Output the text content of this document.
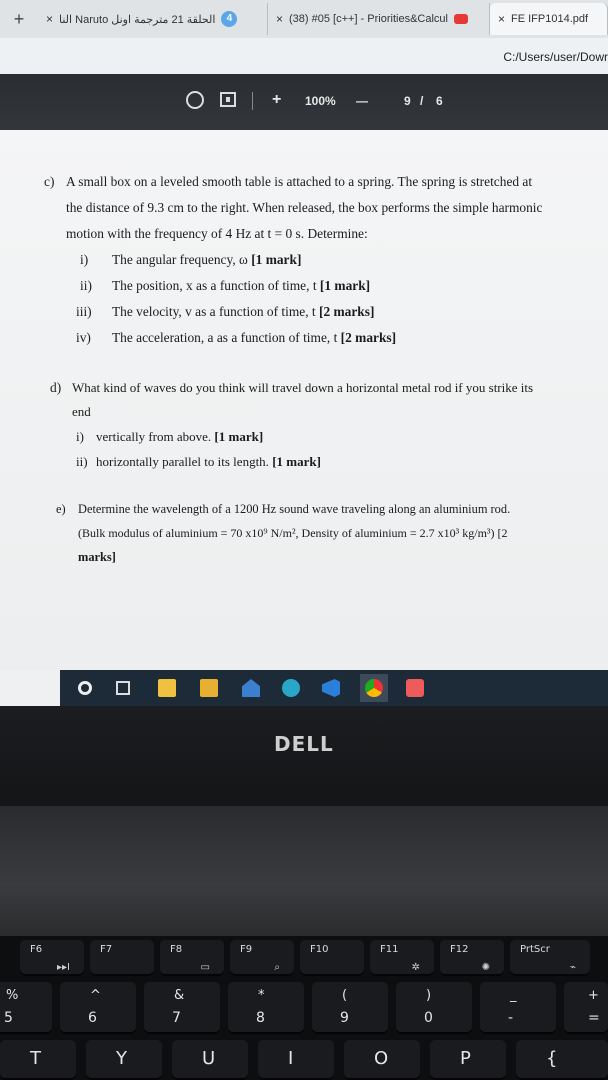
+	× النا Naruto الحلقة 21 مترجمة اونل	4	× (38) #05 [c++] - Priorities&Calcul	× FE IFP1014.pdf
C:/Users/user/Dowr
+ 100% —	9 / 6
c) A small box on a leveled smooth table is attached to a spring. The spring is stretched at
the distance of 9.3 cm to the right. When released, the box performs the simple harmonic
motion with the frequency of 4 Hz at t = 0 s. Determine:
i) The angular frequency, ω [1 mark]
ii) The position, x as a function of time, t [1 mark]
iii) The velocity, v as a function of time, t [2 marks]
iv) The acceleration, a as a function of time, t [2 marks]
d) What kind of waves do you think will travel down a horizontal metal rod if you strike its
end
i) vertically from above. [1 mark]
ii) horizontally parallel to its length. [1 mark]
e) Determine the wavelength of a 1200 Hz sound wave traveling along an aluminium rod.
(Bulk modulus of aluminium = 70 x10⁹ N/m², Density of aluminium = 2.7 x10³ kg/m³) [2
marks]
DELL
F6
▸▸I
F7	F8
▭
F9
⌕
F10	F11
✲
F12
✺
PrtScr
⌁
%
5
^
6
&
7
*
8
(
9
)
0
_
-
+
=
T	Y	U	I	O	P	{
